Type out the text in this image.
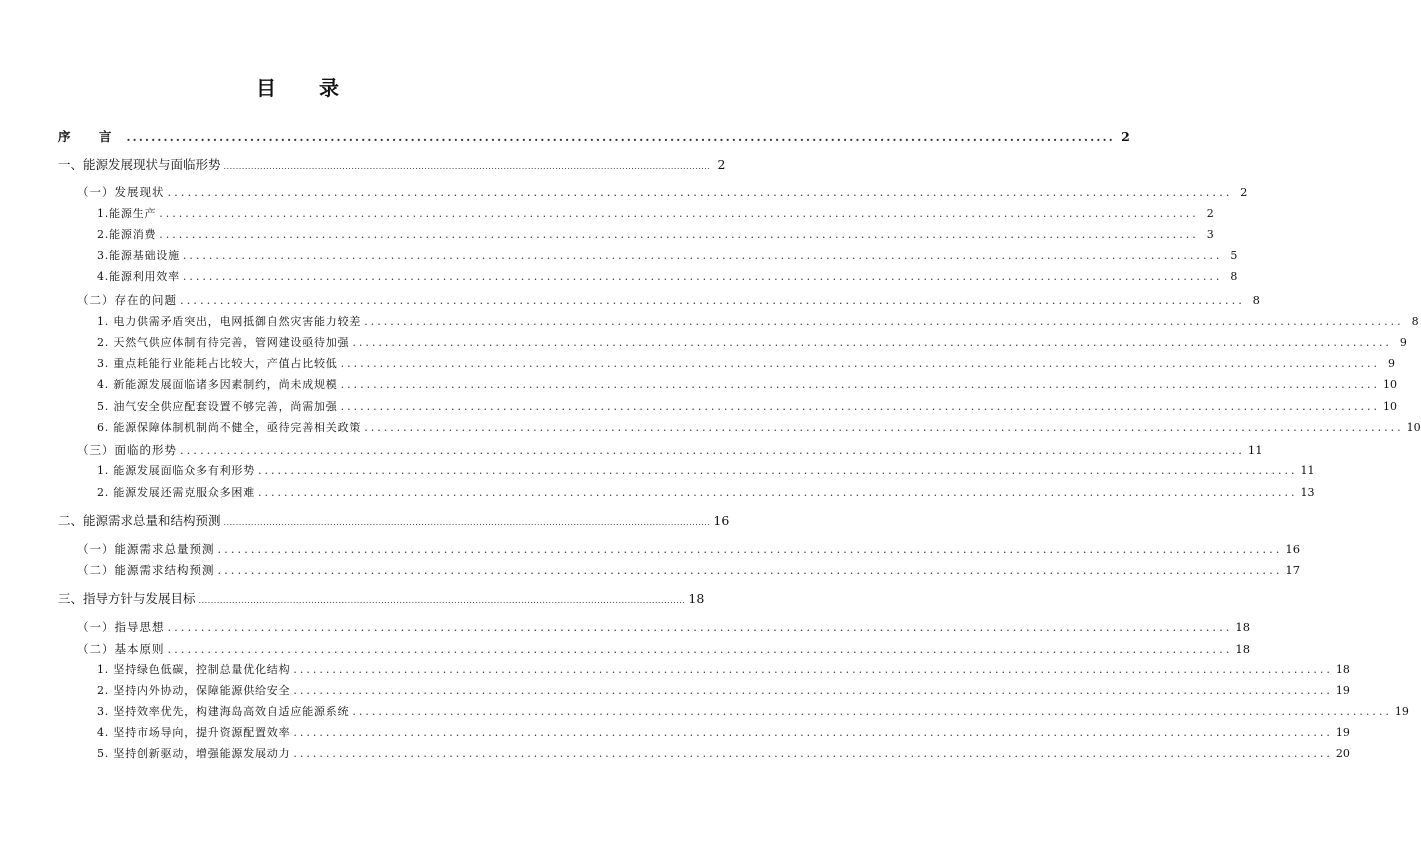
目 录
序 言 ................................................................................................................................................................ 2
一、能源发展现状与面临形势 ................................................................................................................................................................ 2
（一）发展现状 ................................................................................................................................................................ 2
1.能源生产 ................................................................................................................................................................ 2
2.能源消费 ................................................................................................................................................................ 3
3.能源基础设施 ................................................................................................................................................................ 5
4.能源利用效率 ................................................................................................................................................................ 8
（二）存在的问题 ................................................................................................................................................................ 8
1. 电力供需矛盾突出，电网抵御自然灾害能力较差 ................................................................................................................................................................ 8
2. 天然气供应体制有待完善，管网建设亟待加强 ................................................................................................................................................................ 9
3. 重点耗能行业能耗占比较大，产值占比较低 ................................................................................................................................................................ 9
4. 新能源发展面临诸多因素制约，尚未成规模 ................................................................................................................................................................ 10
5. 油气安全供应配套设置不够完善，尚需加强 ................................................................................................................................................................ 10
6. 能源保障体制机制尚不健全，亟待完善相关政策 ................................................................................................................................................................ 10
（三）面临的形势 ................................................................................................................................................................ 11
1. 能源发展面临众多有利形势 ................................................................................................................................................................ 11
2. 能源发展还需克服众多困难 ................................................................................................................................................................ 13
二、能源需求总量和结构预测 ................................................................................................................................................................ 16
（一）能源需求总量预测 ................................................................................................................................................................ 16
（二）能源需求结构预测 ................................................................................................................................................................ 17
三、指导方针与发展目标 ................................................................................................................................................................ 18
（一）指导思想 ................................................................................................................................................................ 18
（二）基本原则 ................................................................................................................................................................ 18
1. 坚持绿色低碳，控制总量优化结构 ................................................................................................................................................................ 18
2. 坚持内外协动，保障能源供给安全 ................................................................................................................................................................ 19
3. 坚持效率优先，构建海岛高效自适应能源系统 ................................................................................................................................................................ 19
4. 坚持市场导向，提升资源配置效率 ................................................................................................................................................................ 19
5. 坚持创新驱动，增强能源发展动力 ................................................................................................................................................................ 20
